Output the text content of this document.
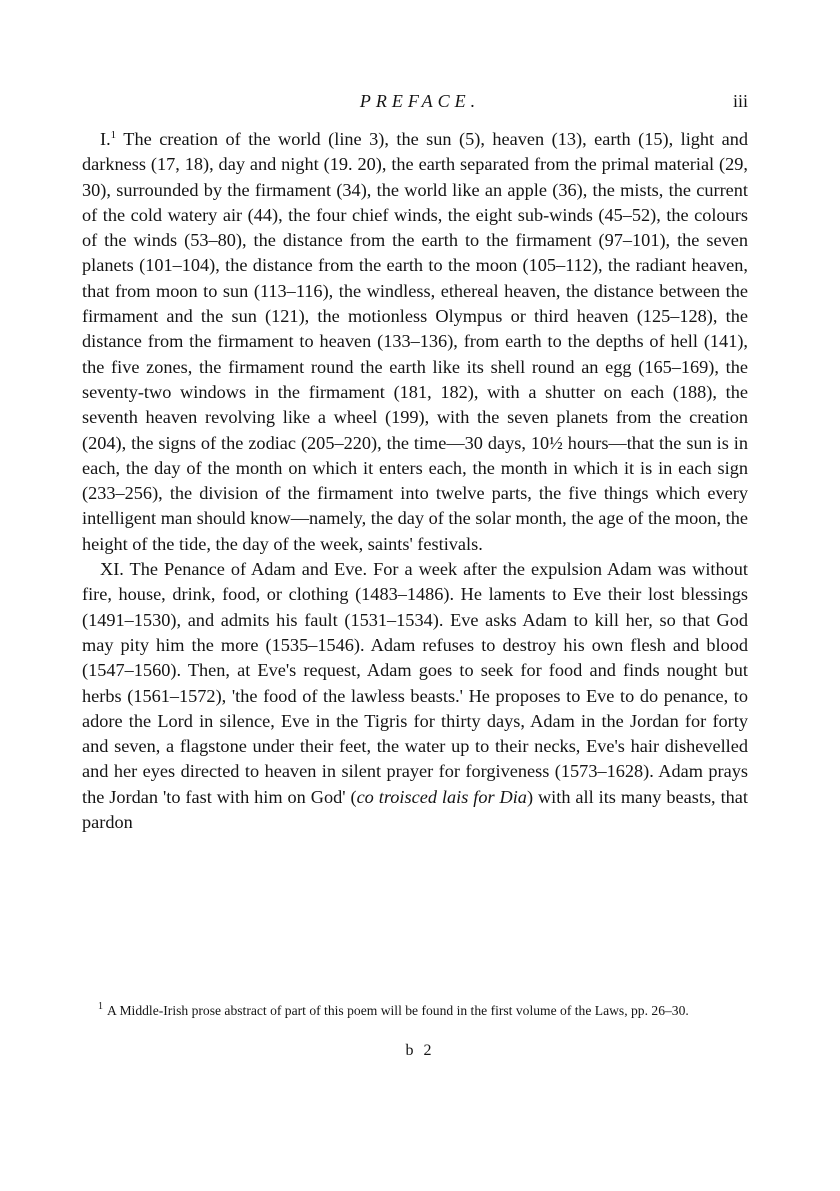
PREFACE.	iii

I.$^1$ The creation of the world (line 3), the sun (5), heaven (13), earth (15), light and darkness (17, 18), day and night (19. 20), the earth separated from the primal material (29, 30), surrounded by the firmament (34), the world like an apple (36), the mists, the current of the cold watery air (44), the four chief winds, the eight sub-winds (45–52), the colours of the winds (53–80), the distance from the earth to the firmament (97–101), the seven planets (101–104), the distance from the earth to the moon (105–112), the radiant heaven, that from moon to sun (113–116), the windless, ethereal heaven, the distance between the firmament and the sun (121), the motionless Olympus or third heaven (125–128), the distance from the firmament to heaven (133–136), from earth to the depths of hell (141), the five zones, the firmament round the earth like its shell round an egg (165–169), the seventy-two windows in the firmament (181, 182), with a shutter on each (188), the seventh heaven revolving like a wheel (199), with the seven planets from the creation (204), the signs of the zodiac (205–220), the time—30 days, 10½ hours—that the sun is in each, the day of the month on which it enters each, the month in which it is in each sign (233–256), the division of the firmament into twelve parts, the five things which every intelligent man should know—namely, the day of the solar month, the age of the moon, the height of the tide, the day of the week, saints' festivals.

XI. The Penance of Adam and Eve. For a week after the expulsion Adam was without fire, house, drink, food, or clothing (1483–1486). He laments to Eve their lost blessings (1491–1530), and admits his fault (1531–1534). Eve asks Adam to kill her, so that God may pity him the more (1535–1546). Adam refuses to destroy his own flesh and blood (1547–1560). Then, at Eve's request, Adam goes to seek for food and finds nought but herbs (1561–1572), 'the food of the lawless beasts.' He proposes to Eve to do penance, to adore the Lord in silence, Eve in the Tigris for thirty days, Adam in the Jordan for forty and seven, a flagstone under their feet, the water up to their necks, Eve's hair dishevelled and her eyes directed to heaven in silent prayer for forgiveness (1573–1628). Adam prays the Jordan 'to fast with him on God' (co troisced lais for Dia) with all its many beasts, that pardon

$^1$ A Middle-Irish prose abstract of part of this poem will be found in the first volume of the Laws, pp. 26–30.
b 2
